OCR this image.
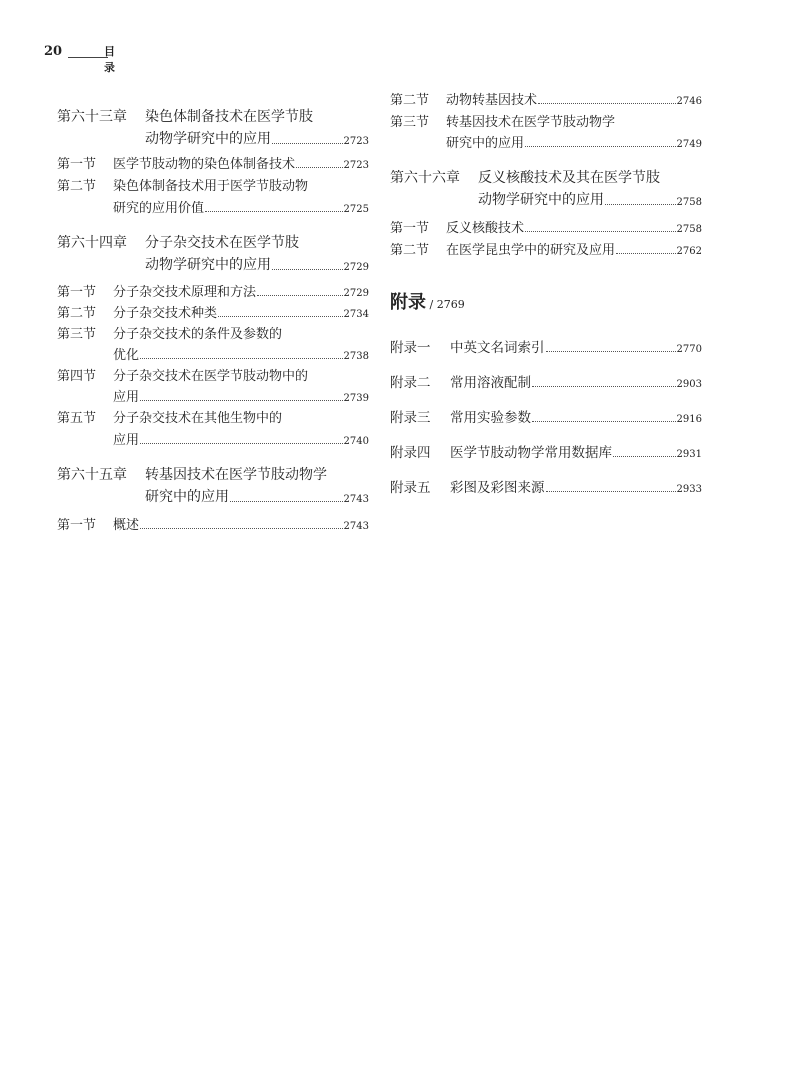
20	目录
第六十三章	染色体制备技术在医学节肢
动物学研究中的应用	2723
第一节	医学节肢动物的染色体制备技术	2723
第二节	染色体制备技术用于医学节肢动物
研究的应用价值	2725
第六十四章	分子杂交技术在医学节肢
动物学研究中的应用	2729
第一节	分子杂交技术原理和方法	2729
第二节	分子杂交技术种类	2734
第三节	分子杂交技术的条件及参数的
优化	2738
第四节	分子杂交技术在医学节肢动物中的
应用	2739
第五节	分子杂交技术在其他生物中的
应用	2740
第六十五章	转基因技术在医学节肢动物学
研究中的应用	2743
第一节	概述	2743
第二节	动物转基因技术	2746
第三节	转基因技术在医学节肢动物学
研究中的应用	2749
第六十六章	反义核酸技术及其在医学节肢
动物学研究中的应用	2758
第一节	反义核酸技术	2758
第二节	在医学昆虫学中的研究及应用	2762
附录 / 2769
附录一	中英文名词索引	2770
附录二	常用溶液配制	2903
附录三	常用实验参数	2916
附录四	医学节肢动物学常用数据库	2931
附录五	彩图及彩图来源	2933
